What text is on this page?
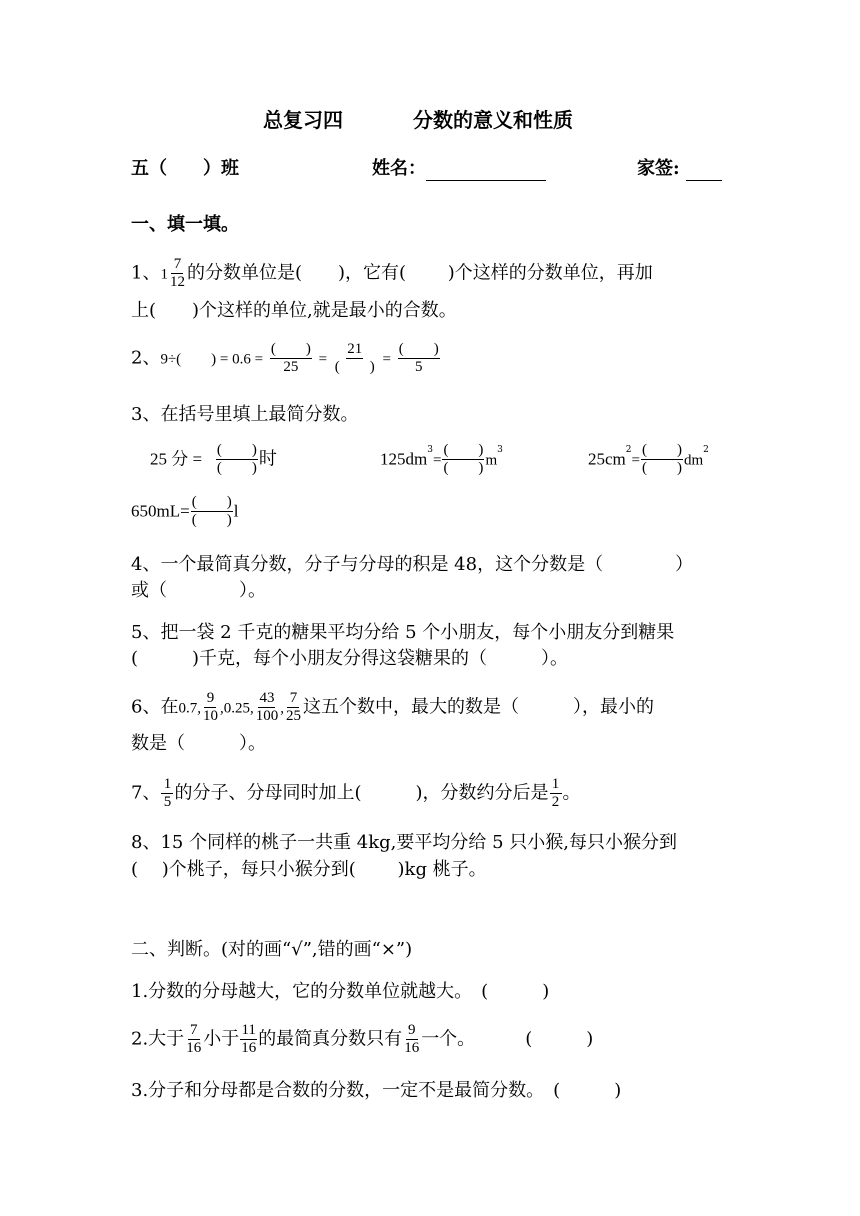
总复习四	分数的意义和性质
五（　　）班	姓名：	家签:
一、填一填。
1、$1 \frac{7}{12}$ 的分数单位是(　　)，它有(　　 )个这样的分数单位，再加
上(　　)个这样的单位,就是最小的合数。
2、9÷(　　) = $0.6 = \frac{( )}{25} = \frac{21}{( )} = \frac{( )}{5}$
3、在括号里填上最简分数。
25 分 = $\frac{( )}{( )}$ 时	$125dm^3= \frac{( )}{( )} m^3$	$25cm^2= \frac{( )}{( )} dm^2$
$650mL= \frac{( )}{( )}$ l
4、一个最简真分数，分子与分母的积是 48，这个分数是（　　　　）
或（　　　　）。
5、把一袋 2 千克的糖果平均分给 5 个小朋友，每个小朋友分到糖果
(　　　)千克，每个小朋友分得这袋糖果的（　　　）。
6、在0.7, $\frac{9}{10} ,0.25$, $\frac{43}{100}$ , $\frac{7}{25}$ 这五个数中，最大的数是（　　　），最小的
数是（　　　）。
7、 $\frac{1}{5}$ 的分子、分母同时加上(　　　)，分数约分后是 $\frac{1}{2}$ 。
8、15 个同样的桃子一共重 4kg,要平均分给 5 只小猴,每只小猴分到
(　 )个桃子，每只小猴分到(　　 )kg 桃子。
二、判断。(对的画“√”,错的画“×”)
1.分数的分母越大，它的分数单位就越大。　(　　　)
2.大于 $\frac{7}{16}$ 小于 $\frac{11}{16}$ 的最简真分数只有 $\frac{9}{16}$ 一个。	(　　　)
3.分子和分母都是合数的分数，一定不是最简分数。　(　　　)
